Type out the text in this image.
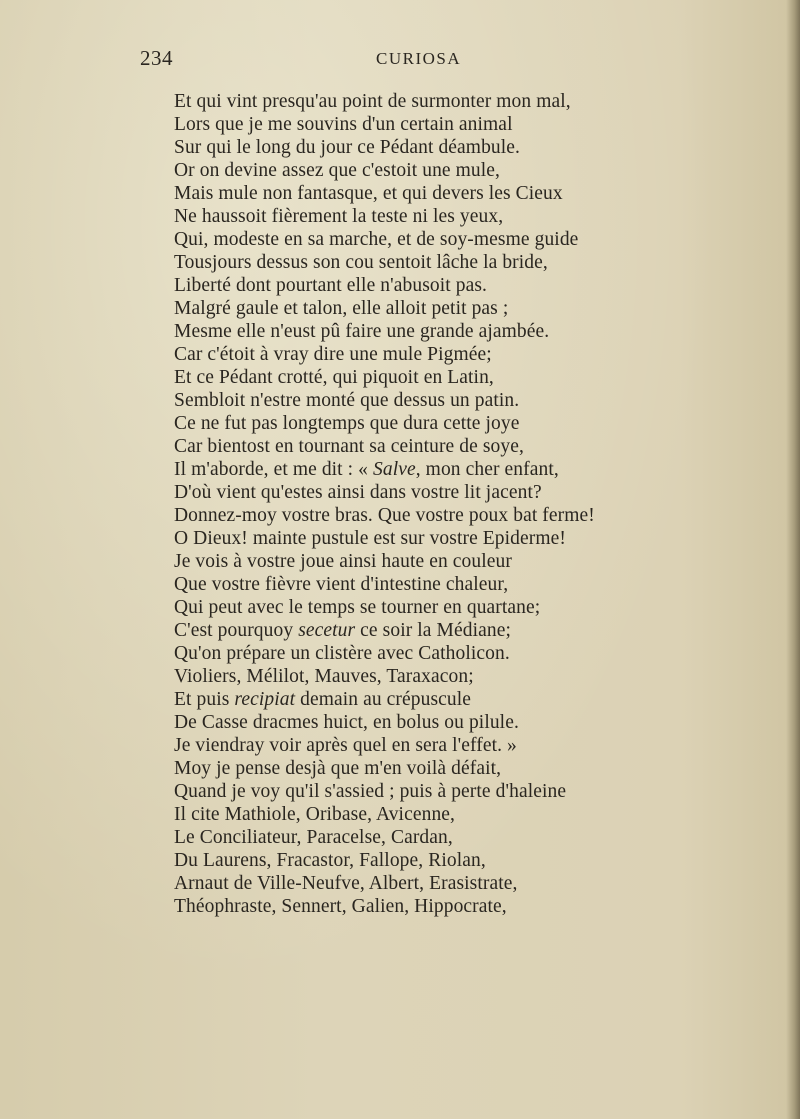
234	CURIOSA
Et qui vint presqu'au point de surmonter mon mal,
Lors que je me souvins d'un certain animal
Sur qui le long du jour ce Pédant déambule.
Or on devine assez que c'estoit une mule,
Mais mule non fantasque, et qui devers les Cieux
Ne haussoit fièrement la teste ni les yeux,
Qui, modeste en sa marche, et de soy-mesme guide
Tousjours dessus son cou sentoit lâche la bride,
Liberté dont pourtant elle n'abusoit pas.
Malgré gaule et talon, elle alloit petit pas ;
Mesme elle n'eust pû faire une grande ajambée.
Car c'étoit à vray dire une mule Pigmée;
Et ce Pédant crotté, qui piquoit en Latin,
Sembloit n'estre monté que dessus un patin.
Ce ne fut pas longtemps que dura cette joye
Car bientost en tournant sa ceinture de soye,
Il m'aborde, et me dit : « Salve, mon cher enfant,
D'où vient qu'estes ainsi dans vostre lit jacent?
Donnez-moy vostre bras. Que vostre poux bat ferme!
O Dieux! mainte pustule est sur vostre Epiderme!
Je vois à vostre joue ainsi haute en couleur
Que vostre fièvre vient d'intestine chaleur,
Qui peut avec le temps se tourner en quartane;
C'est pourquoy secetur ce soir la Médiane;
Qu'on prépare un clistère avec Catholicon.
Violiers, Mélilot, Mauves, Taraxacon;
Et puis recipiat demain au crépuscule
De Casse dracmes huict, en bolus ou pilule.
Je viendray voir après quel en sera l'effet. »
Moy je pense desjà que m'en voilà défait,
Quand je voy qu'il s'assied ; puis à perte d'haleine
Il cite Mathiole, Oribase, Avicenne,
Le Conciliateur, Paracelse, Cardan,
Du Laurens, Fracastor, Fallope, Riolan,
Arnaut de Ville-Neufve, Albert, Erasistrate,
Théophraste, Sennert, Galien, Hippocrate,
